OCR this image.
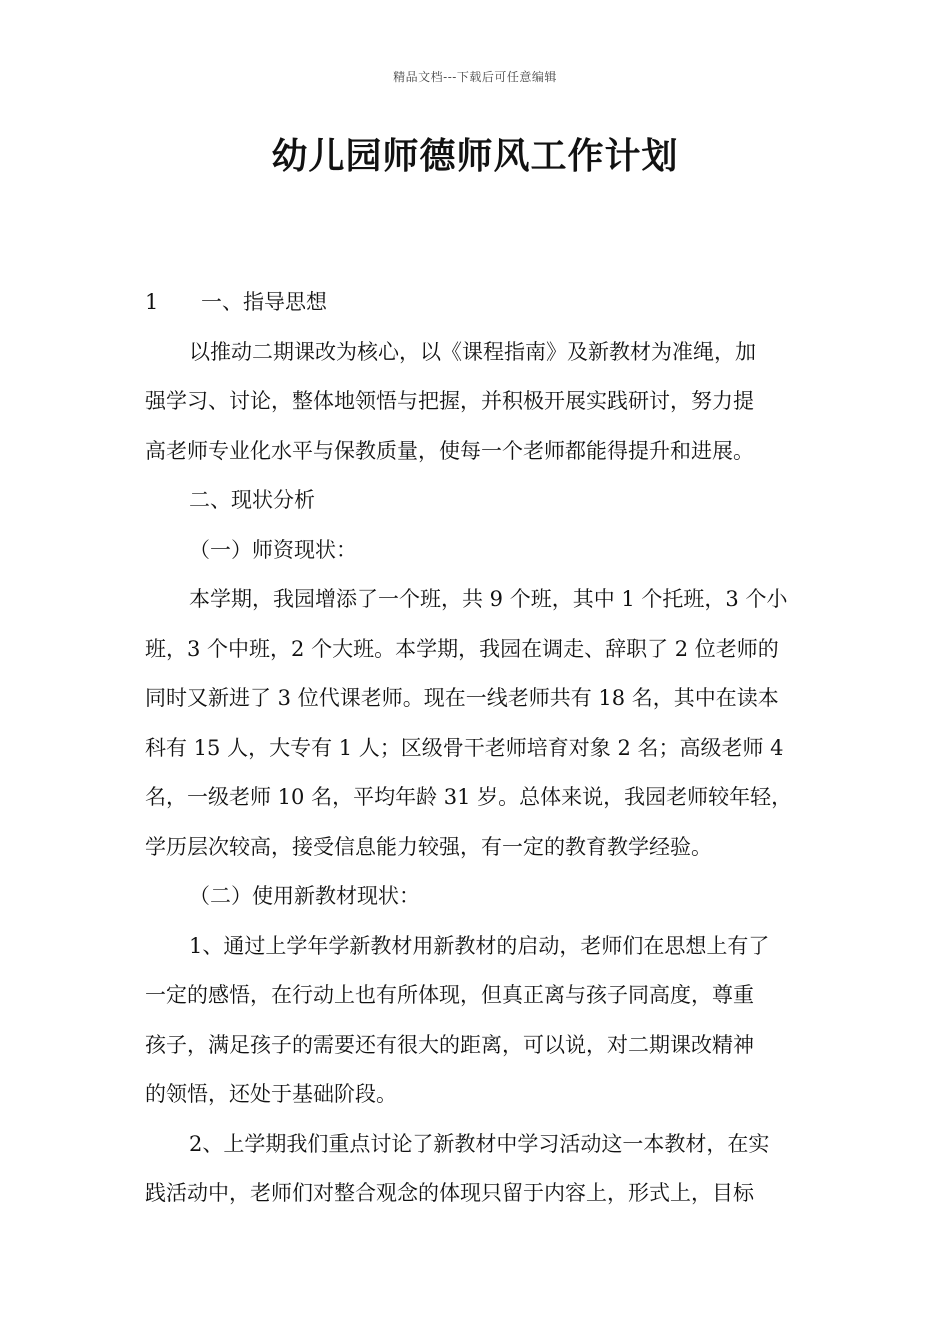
精品文档---下载后可任意编辑
幼儿园师德师风工作计划
1 一、指导思想
以推动二期课改为核心，以《课程指南》及新教材为准绳，加
强学习、讨论，整体地领悟与把握，并积极开展实践研讨，努力提
高老师专业化水平与保教质量，使每一个老师都能得提升和进展。
二、现状分析
（一）师资现状：
本学期，我园增添了一个班，共 9 个班，其中 1 个托班，3 个小
班，3 个中班，2 个大班。本学期，我园在调走、辞职了 2 位老师的
同时又新进了 3 位代课老师。现在一线老师共有 18 名，其中在读本
科有 15 人，大专有 1 人；区级骨干老师培育对象 2 名；高级老师 4
名，一级老师 10 名，平均年龄 31 岁。总体来说，我园老师较年轻，
学历层次较高，接受信息能力较强，有一定的教育教学经验。
（二）使用新教材现状：
1、通过上学年学新教材用新教材的启动，老师们在思想上有了
一定的感悟，在行动上也有所体现，但真正离与孩子同高度，尊重
孩子，满足孩子的需要还有很大的距离，可以说，对二期课改精神
的领悟，还处于基础阶段。
2、上学期我们重点讨论了新教材中学习活动这一本教材，在实
践活动中，老师们对整合观念的体现只留于内容上，形式上，目标
